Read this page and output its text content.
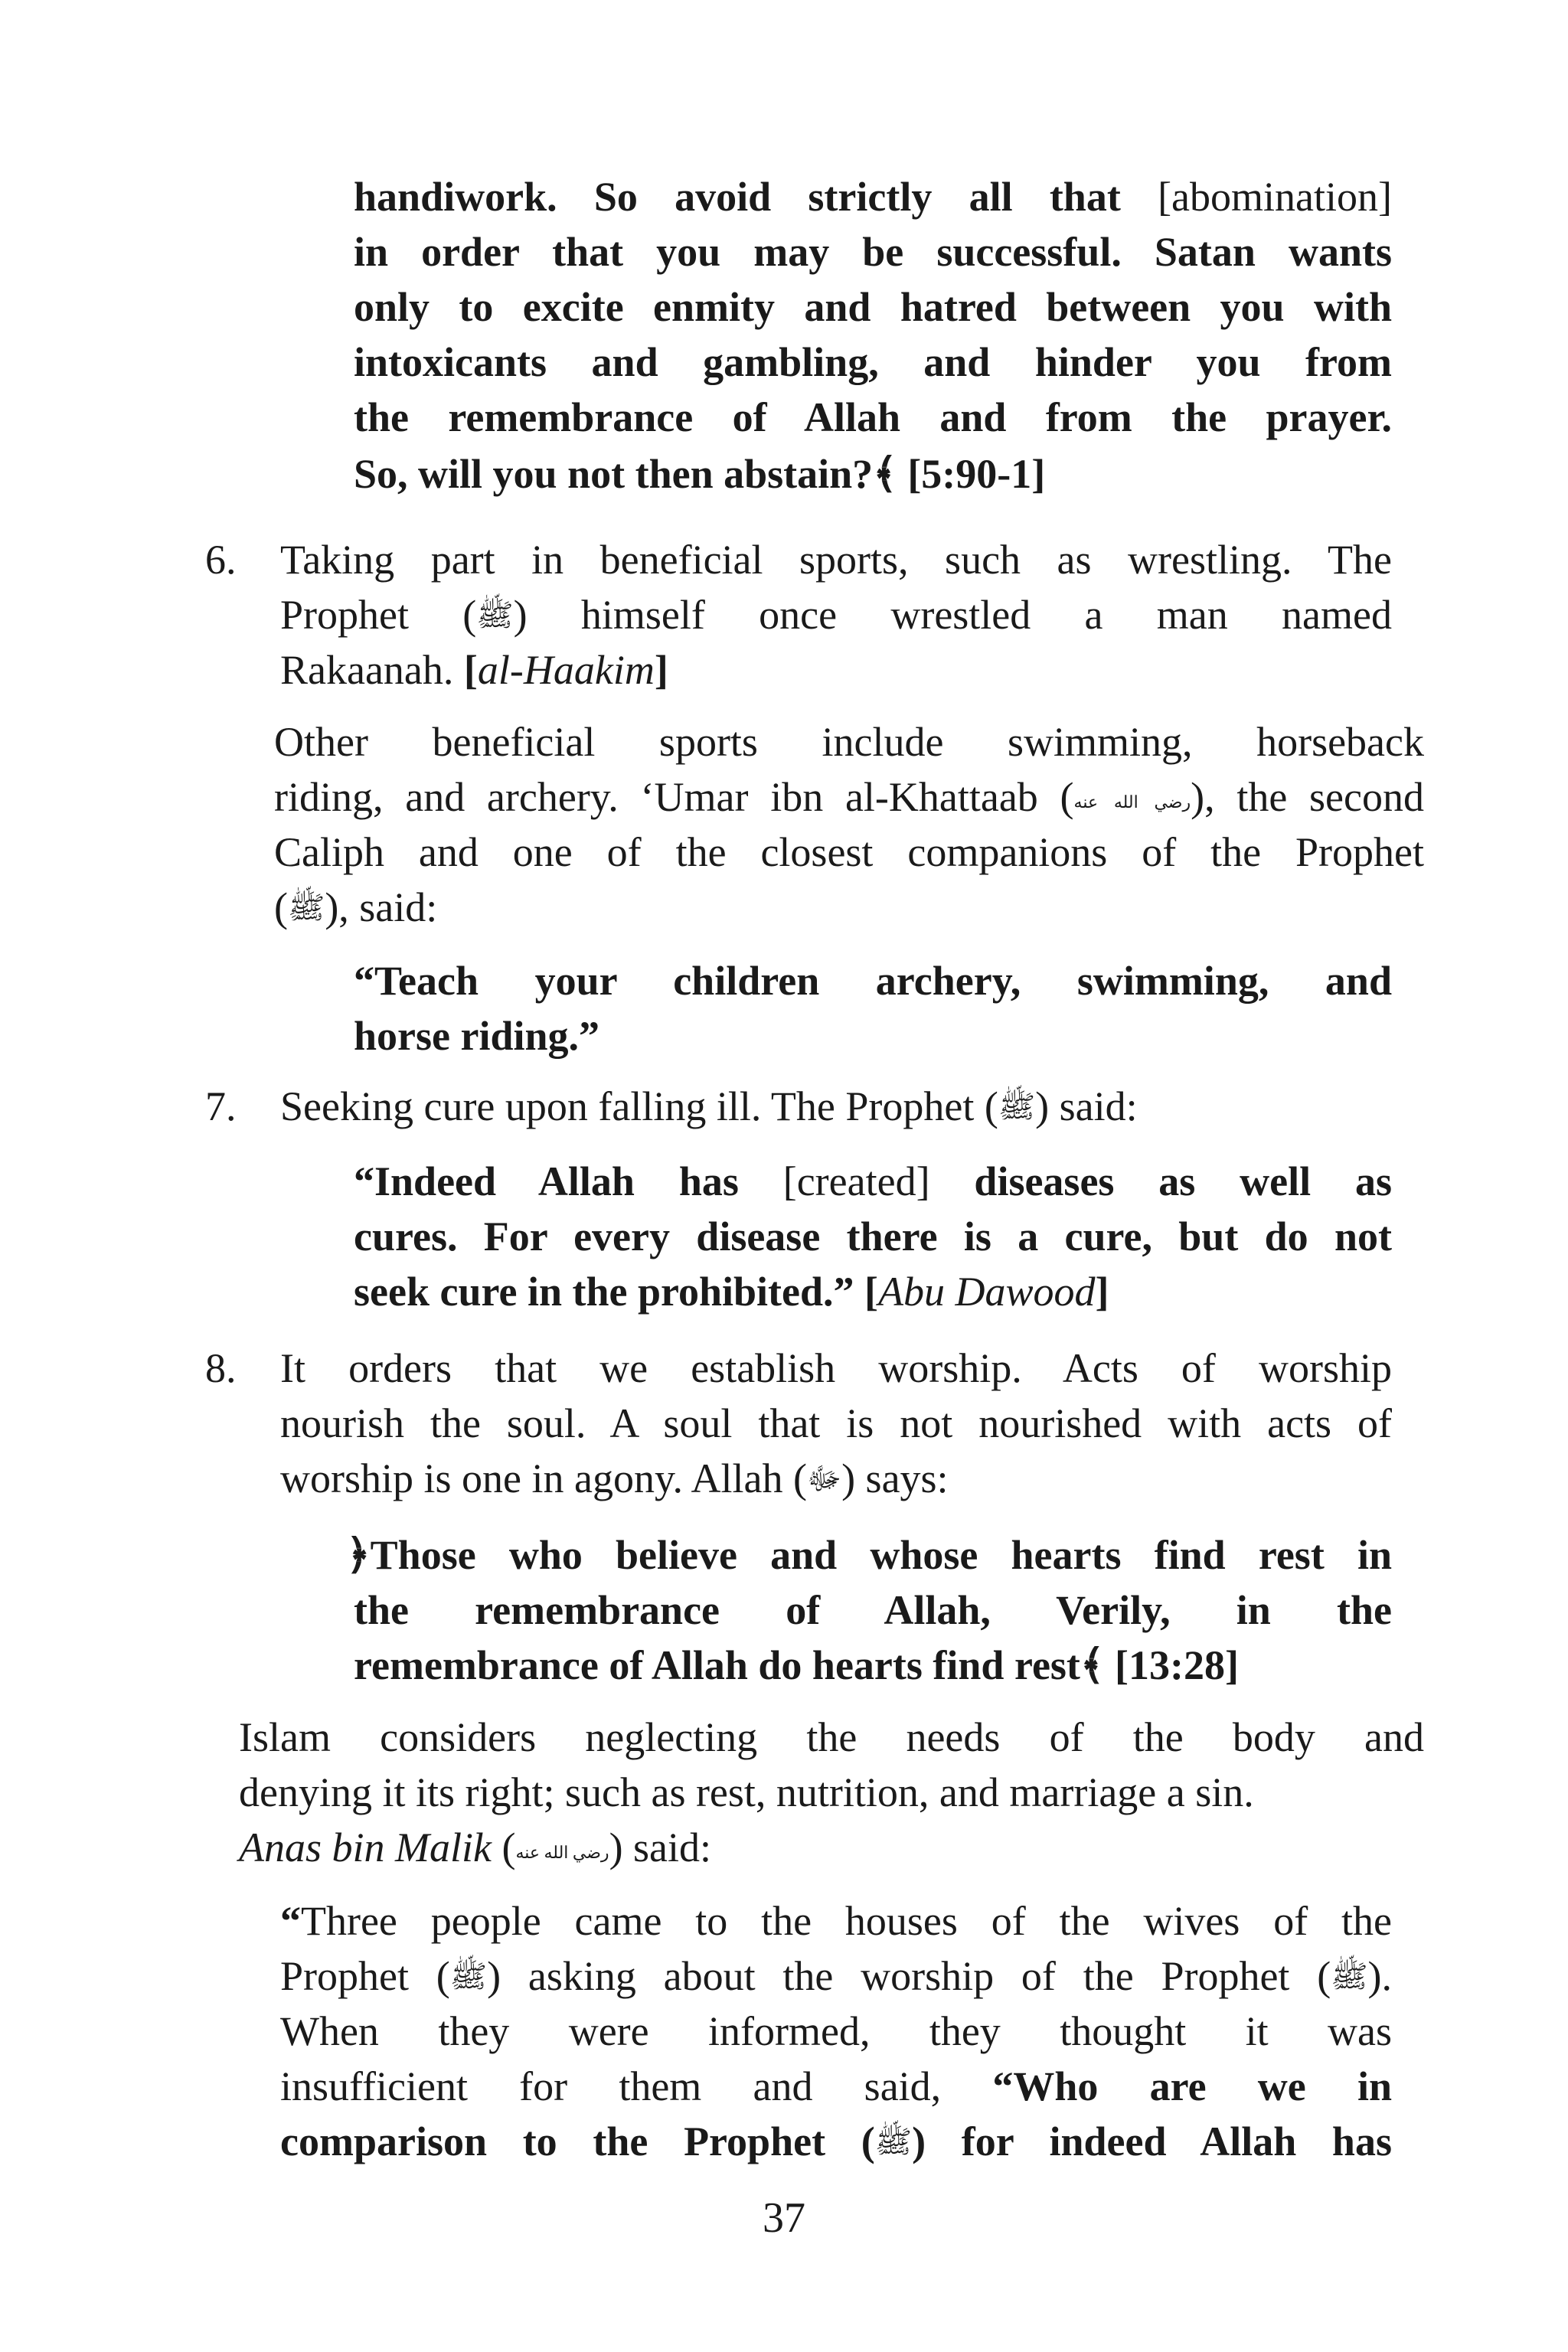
handiwork. So avoid strictly all that [abomination]
in order that you may be successful. Satan wants
only to excite enmity and hatred between you with
intoxicants and gambling, and hinder you from
the remembrance of Allah and from the prayer.
So, will you not then abstain?﴾ [5:90-1]
6. Taking part in beneficial sports, such as wrestling. The
Prophet (ﷺ) himself once wrestled a man named
Rakaanah. [al-Haakim]
Other beneficial sports include swimming, horseback
riding, and archery. ‘Umar ibn al-Khattaab (رضي الله عنه), the second
Caliph and one of the closest companions of the Prophet
(ﷺ), said:
“Teach your children archery, swimming, and
horse riding.”
7. Seeking cure upon falling ill. The Prophet (ﷺ) said:
“Indeed Allah has [created] diseases as well as
cures. For every disease there is a cure, but do not
seek cure in the prohibited.” [Abu Dawood]
8. It orders that we establish worship. Acts of worship
nourish the soul. A soul that is not nourished with acts of
worship is one in agony. Allah (ﷻ) says:
﴿Those who believe and whose hearts find rest in
the remembrance of Allah, Verily, in the
remembrance of Allah do hearts find rest﴾ [13:28]
Islam considers neglecting the needs of the body and
denying it its right; such as rest, nutrition, and marriage a sin.
Anas bin Malik (رضي الله عنه) said:
“Three people came to the houses of the wives of the
Prophet (ﷺ) asking about the worship of the Prophet (ﷺ).
When they were informed, they thought it was
insufficient for them and said, “Who are we in
comparison to the Prophet (ﷺ) for indeed Allah has
37
